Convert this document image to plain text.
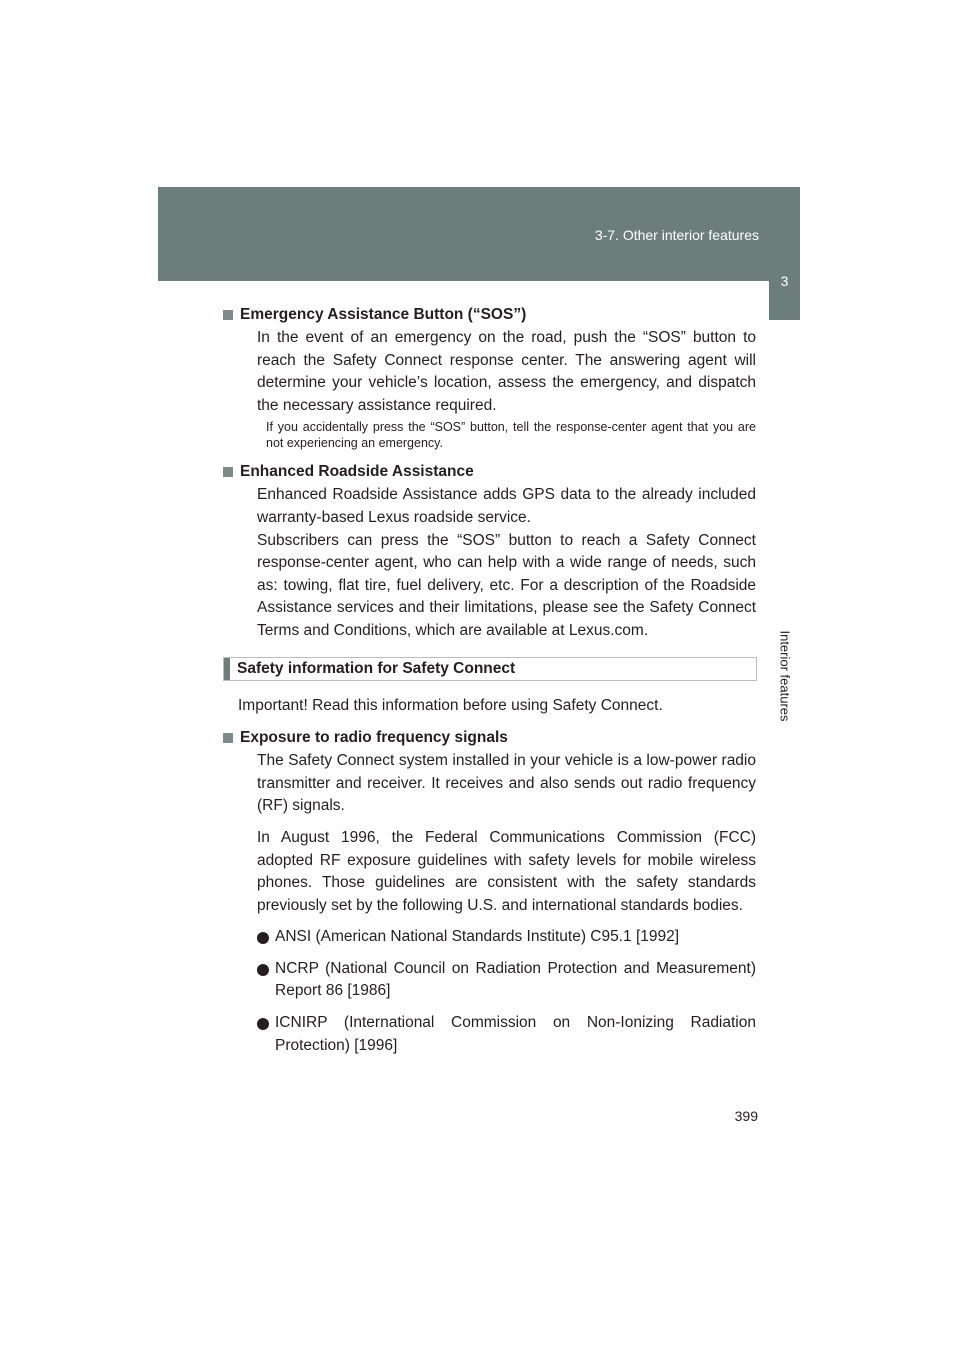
3-7. Other interior features
3
Interior features

Emergency Assistance Button (“SOS”)

In the event of an emergency on the road, push the “SOS” button to reach the Safety Connect response center. The answering agent will determine your vehicle’s location, assess the emergency, and dispatch the necessary assistance required.

If you accidentally press the “SOS” button, tell the response-center agent that you are not experiencing an emergency.

Enhanced Roadside Assistance

Enhanced Roadside Assistance adds GPS data to the already included warranty-based Lexus roadside service.

Subscribers can press the “SOS” button to reach a Safety Connect response-center agent, who can help with a wide range of needs, such as: towing, flat tire, fuel delivery, etc. For a description of the Roadside Assistance services and their limitations, please see the Safety Connect Terms and Conditions, which are available at Lexus.com.

Safety information for Safety Connect

Important! Read this information before using Safety Connect.

Exposure to radio frequency signals

The Safety Connect system installed in your vehicle is a low-power radio transmitter and receiver. It receives and also sends out radio frequency (RF) signals.

In August 1996, the Federal Communications Commission (FCC) adopted RF exposure guidelines with safety levels for mobile wireless phones. Those guidelines are consistent with the safety standards previously set by the following U.S. and international standards bodies.

ANSI (American National Standards Institute) C95.1 [1992]

NCRP (National Council on Radiation Protection and Measurement) Report 86 [1986]

ICNIRP (International Commission on Non-Ionizing Radiation Protection) [1996]

399
